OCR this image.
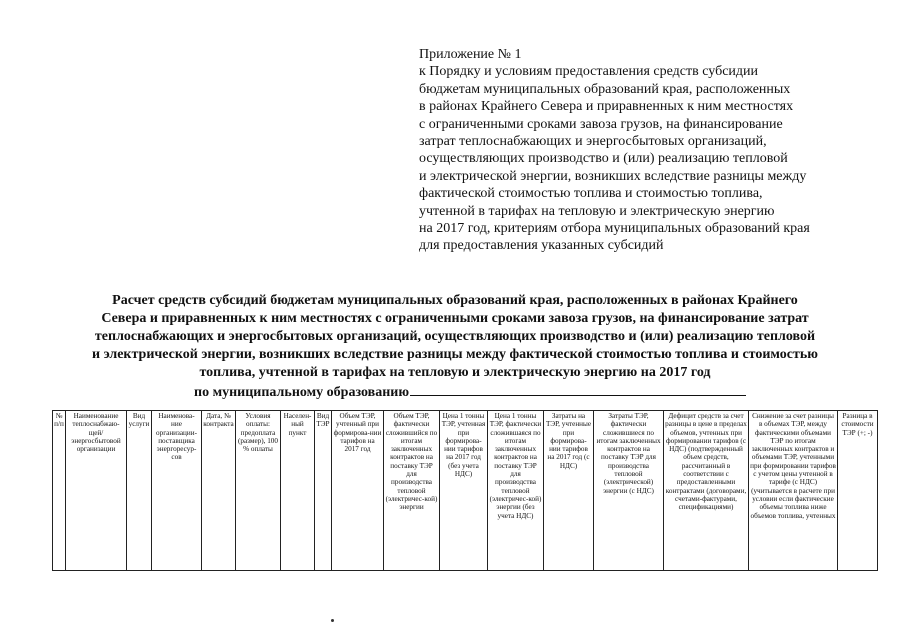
Приложение № 1
к Порядку и условиям предоставления средств субсидии
бюджетам муниципальных образований края, расположенных
в районах Крайнего Севера и приравненных к ним местностях
с ограниченными сроками завоза грузов, на финансирование
затрат теплоснабжающих и энергосбытовых организаций,
осуществляющих производство и (или) реализацию тепловой
и электрической энергии, возникших вследствие разницы между
фактической стоимостью топлива и стоимостью топлива,
учтенной в тарифах на тепловую и электрическую энергию
на 2017 год, критериям отбора муниципальных образований края
для предоставления указанных субсидий
Расчет средств субсидий бюджетам муниципальных образований края, расположенных в районах Крайнего
Севера и приравненных к ним местностях с ограниченными сроками завоза грузов, на финансирование затрат
теплоснабжающих и энергосбытовых организаций, осуществляющих производство и (или) реализацию тепловой
и электрической энергии, возникших вследствие разницы между фактической стоимостью топлива и стоимостью
топлива, учтенной в тарифах на тепловую и электрическую энергию на 2017 год
по муниципальному образованию
№ п/п	Наименование теплоснабжаю-щей/ энергосбытовой организации	Вид услуги	Наименова-ние организации-поставщика энергоресур-сов	Дата, № контракта	Условия оплаты: предоплата (размер), 100 % оплаты	Населен-ный пункт	Вид ТЭР	Объем ТЭР, учтенный при формирова-нии тарифов на 2017 год	Объем ТЭР, фактически сложившийся по итогам заключенных контрактов на поставку ТЭР для производства тепловой (электричес-кой) энергии	Цена 1 тонны ТЭР, учтенная при формирова-нии тарифов на 2017 год (без учета НДС)	Цена 1 тонны ТЭР, фактически сложившаяся по итогам заключенных контрактов на поставку ТЭР для производства тепловой (электричес-кой) энергии (без учета НДС)	Затраты на ТЭР, учтенные при формирова-нии тарифов на 2017 год (с НДС)	Затраты ТЭР, фактически сложившиеся по итогам заключенных контрактов на поставку ТЭР для производства тепловой (электрической) энергии (с НДС)	Дефицит средств за счет разницы в цене в пределах объемов, учтенных при формировании тарифов (с НДС) (подтвержденный объем средств, рассчитанный в соответствии с предоставленными контрактами (договорами, счетами-фактурами, спецификациями)	Снижение за счет разницы в объемах ТЭР, между фактическими объемами ТЭР по итогам заключенных контрактов и объемами ТЭР, учтенными при формировании тарифов с учетом цены учтенной в тарифе (с НДС) (учитывается в расчете при условии если фактические объемы топлива ниже объемов топлива, учтенных	Разница в стоимости ТЭР (+; -)
